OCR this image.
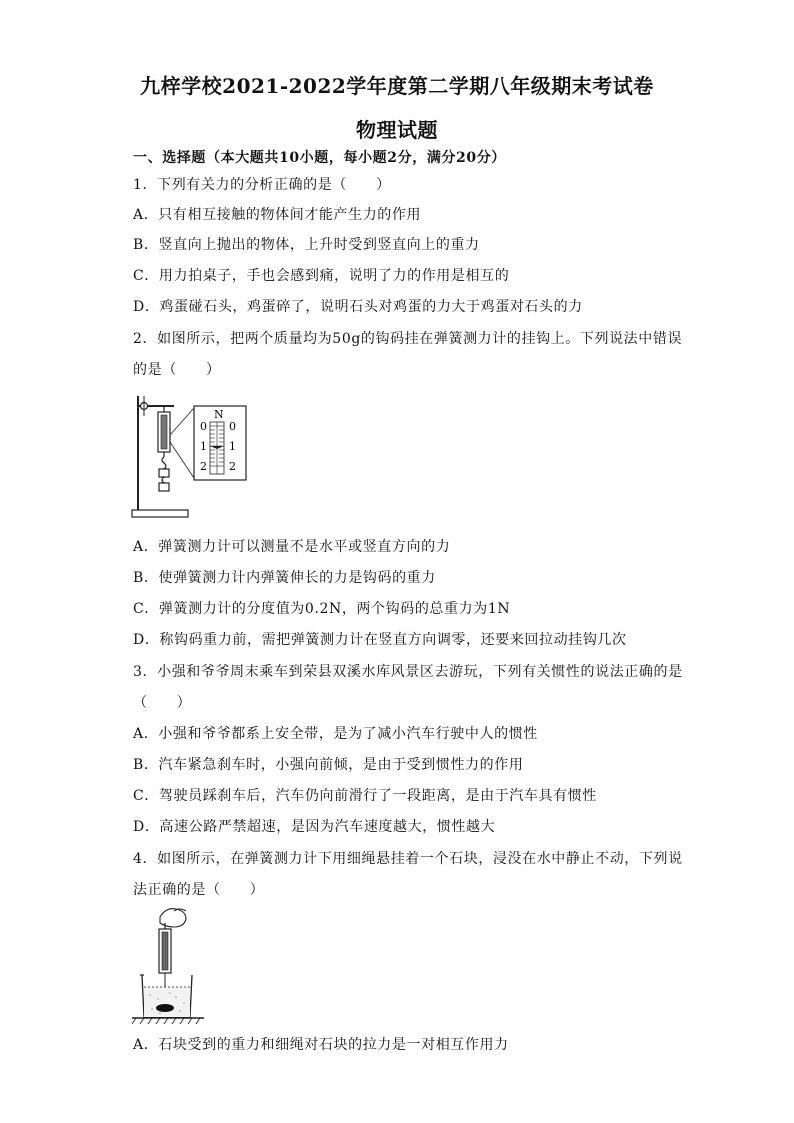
九梓学校2021-2022学年度第二学期八年级期末考试卷
物理试题
一、选择题（本大题共10小题，每小题2分，满分20分）
1．下列有关力的分析正确的是（　　）
A．只有相互接触的物体间才能产生力的作用
B．竖直向上抛出的物体，上升时受到竖直向上的重力
C．用力拍桌子，手也会感到痛，说明了力的作用是相互的
D．鸡蛋碰石头，鸡蛋碎了，说明石头对鸡蛋的力大于鸡蛋对石头的力
2．如图所示，把两个质量均为50g的钩码挂在弹簧测力计的挂钩上。下列说法中错误
的是（　　）
N
0
1
2
0
1
2
A．弹簧测力计可以测量不是水平或竖直方向的力
B．使弹簧测力计内弹簧伸长的力是钩码的重力
C．弹簧测力计的分度值为0.2N，两个钩码的总重力为1N
D．称钩码重力前，需把弹簧测力计在竖直方向调零，还要来回拉动挂钩几次
3．小强和爷爷周末乘车到荣县双溪水库风景区去游玩，下列有关惯性的说法正确的是
（　　）
A．小强和爷爷都系上安全带，是为了减小汽车行驶中人的惯性
B．汽车紧急刹车时，小强向前倾，是由于受到惯性力的作用
C．驾驶员踩刹车后，汽车仍向前滑行了一段距离，是由于汽车具有惯性
D．高速公路严禁超速，是因为汽车速度越大，惯性越大
4．如图所示，在弹簧测力计下用细绳悬挂着一个石块，浸没在水中静止不动，下列说
法正确的是（　　）
A．石块受到的重力和细绳对石块的拉力是一对相互作用力
